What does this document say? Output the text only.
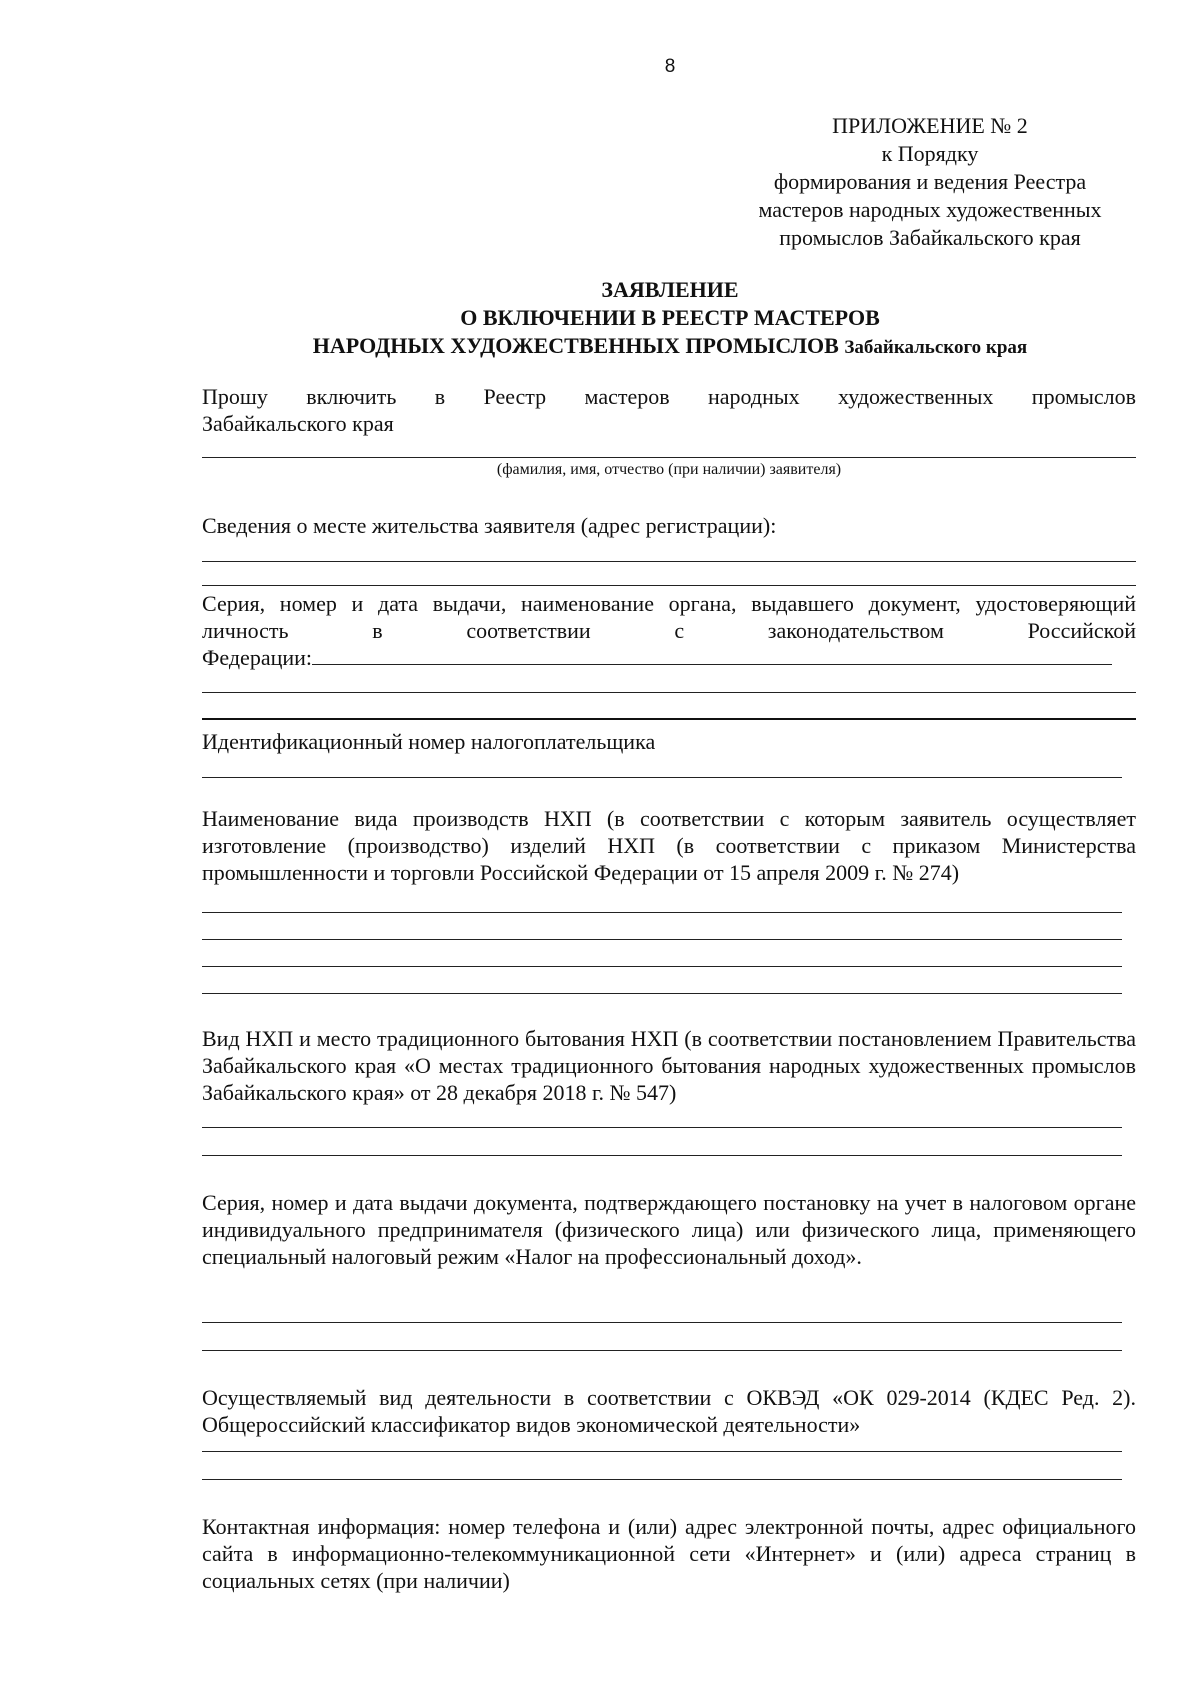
8
ПРИЛОЖЕНИЕ № 2
к Порядку
формирования и ведения Реестра
мастеров народных художественных
промыслов Забайкальского края
ЗАЯВЛЕНИЕ
О ВКЛЮЧЕНИИ В РЕЕСТР МАСТЕРОВ
НАРОДНЫХ ХУДОЖЕСТВЕННЫХ ПРОМЫСЛОВ Забайкальского края
Прошу включить в Реестр мастеров народных художественных промыслов
Забайкальского края
(фамилия, имя, отчество (при наличии) заявителя)
Сведения о месте жительства заявителя (адрес регистрации):
Серия, номер и дата выдачи, наименование органа, выдавшего документ, удостоверяющий
личность в соответствии с законодательством Российской
Федерации:
Идентификационный номер налогоплательщика
Наименование вида производств НХП (в соответствии с которым заявитель осуществляет изготовление (производство) изделий НХП (в соответствии с приказом Министерства промышленности и торговли Российской Федерации от 15 апреля 2009 г. № 274)
Вид НХП и место традиционного бытования НХП (в соответствии постановлением Правительства Забайкальского края «О местах традиционного бытования народных художественных промыслов Забайкальского края» от 28 декабря 2018 г. № 547)
Серия, номер и дата выдачи документа, подтверждающего постановку на учет в налоговом органе индивидуального предпринимателя (физического лица) или физического лица, применяющего специальный налоговый режим «Налог на профессиональный доход».
Осуществляемый вид деятельности в соответствии с ОКВЭД «ОК 029-2014 (КДЕС Ред. 2). Общероссийский классификатор видов экономической деятельности»
Контактная информация: номер телефона и (или) адрес электронной почты, адрес официального сайта в информационно-телекоммуникационной сети «Интернет» и (или) адреса страниц в социальных сетях (при наличии)
